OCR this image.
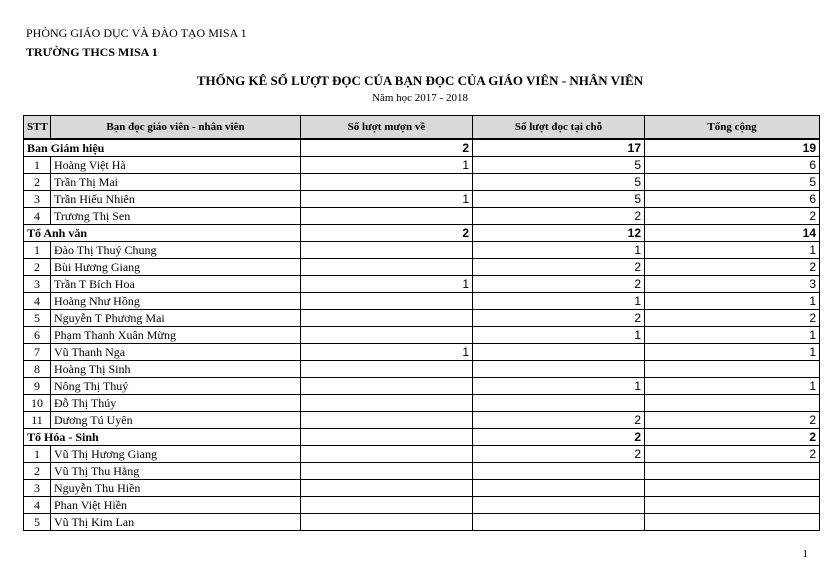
PHÒNG GIÁO DỤC VÀ ĐÀO TẠO MISA 1
TRƯỜNG THCS MISA 1
THỐNG KÊ SỐ LƯỢT ĐỌC CỦA BẠN ĐỌC CỦA GIÁO VIÊN - NHÂN VIÊN
Năm học 2017 - 2018
STT	Bạn đọc giáo viên - nhân viên	Số lượt mượn về	Số lượt đọc tại chỗ	Tổng cộng
Ban Giám hiệu		2	17	19
1	Hoàng Việt Hà	1	5	6
2	Trần Thị Mai		5	5
3	Trần Hiếu Nhiên	1	5	6
4	Trương Thị Sen		2	2
Tổ Anh văn		2	12	14
1	Đào Thị Thuý Chung		1	1
2	Bùi Hương Giang		2	2
3	Trần T Bích Hoa	1	2	3
4	Hoàng Như Hồng		1	1
5	Nguyễn T Phương Mai		2	2
6	Phạm Thanh Xuân Mừng		1	1
7	Vũ Thanh Nga	1		1
8	Hoàng Thị Sinh			
9	Nông Thị Thuý		1	1
10	Đỗ Thị Thúy			
11	Dương Tú Uyên		2	2
Tổ Hóa - Sinh			2	2
1	Vũ Thị Hương Giang		2	2
2	Vũ Thị Thu Hằng			
3	Nguyễn Thu Hiền			
4	Phan Việt Hiền			
5	Vũ Thị Kim Lan			
1
